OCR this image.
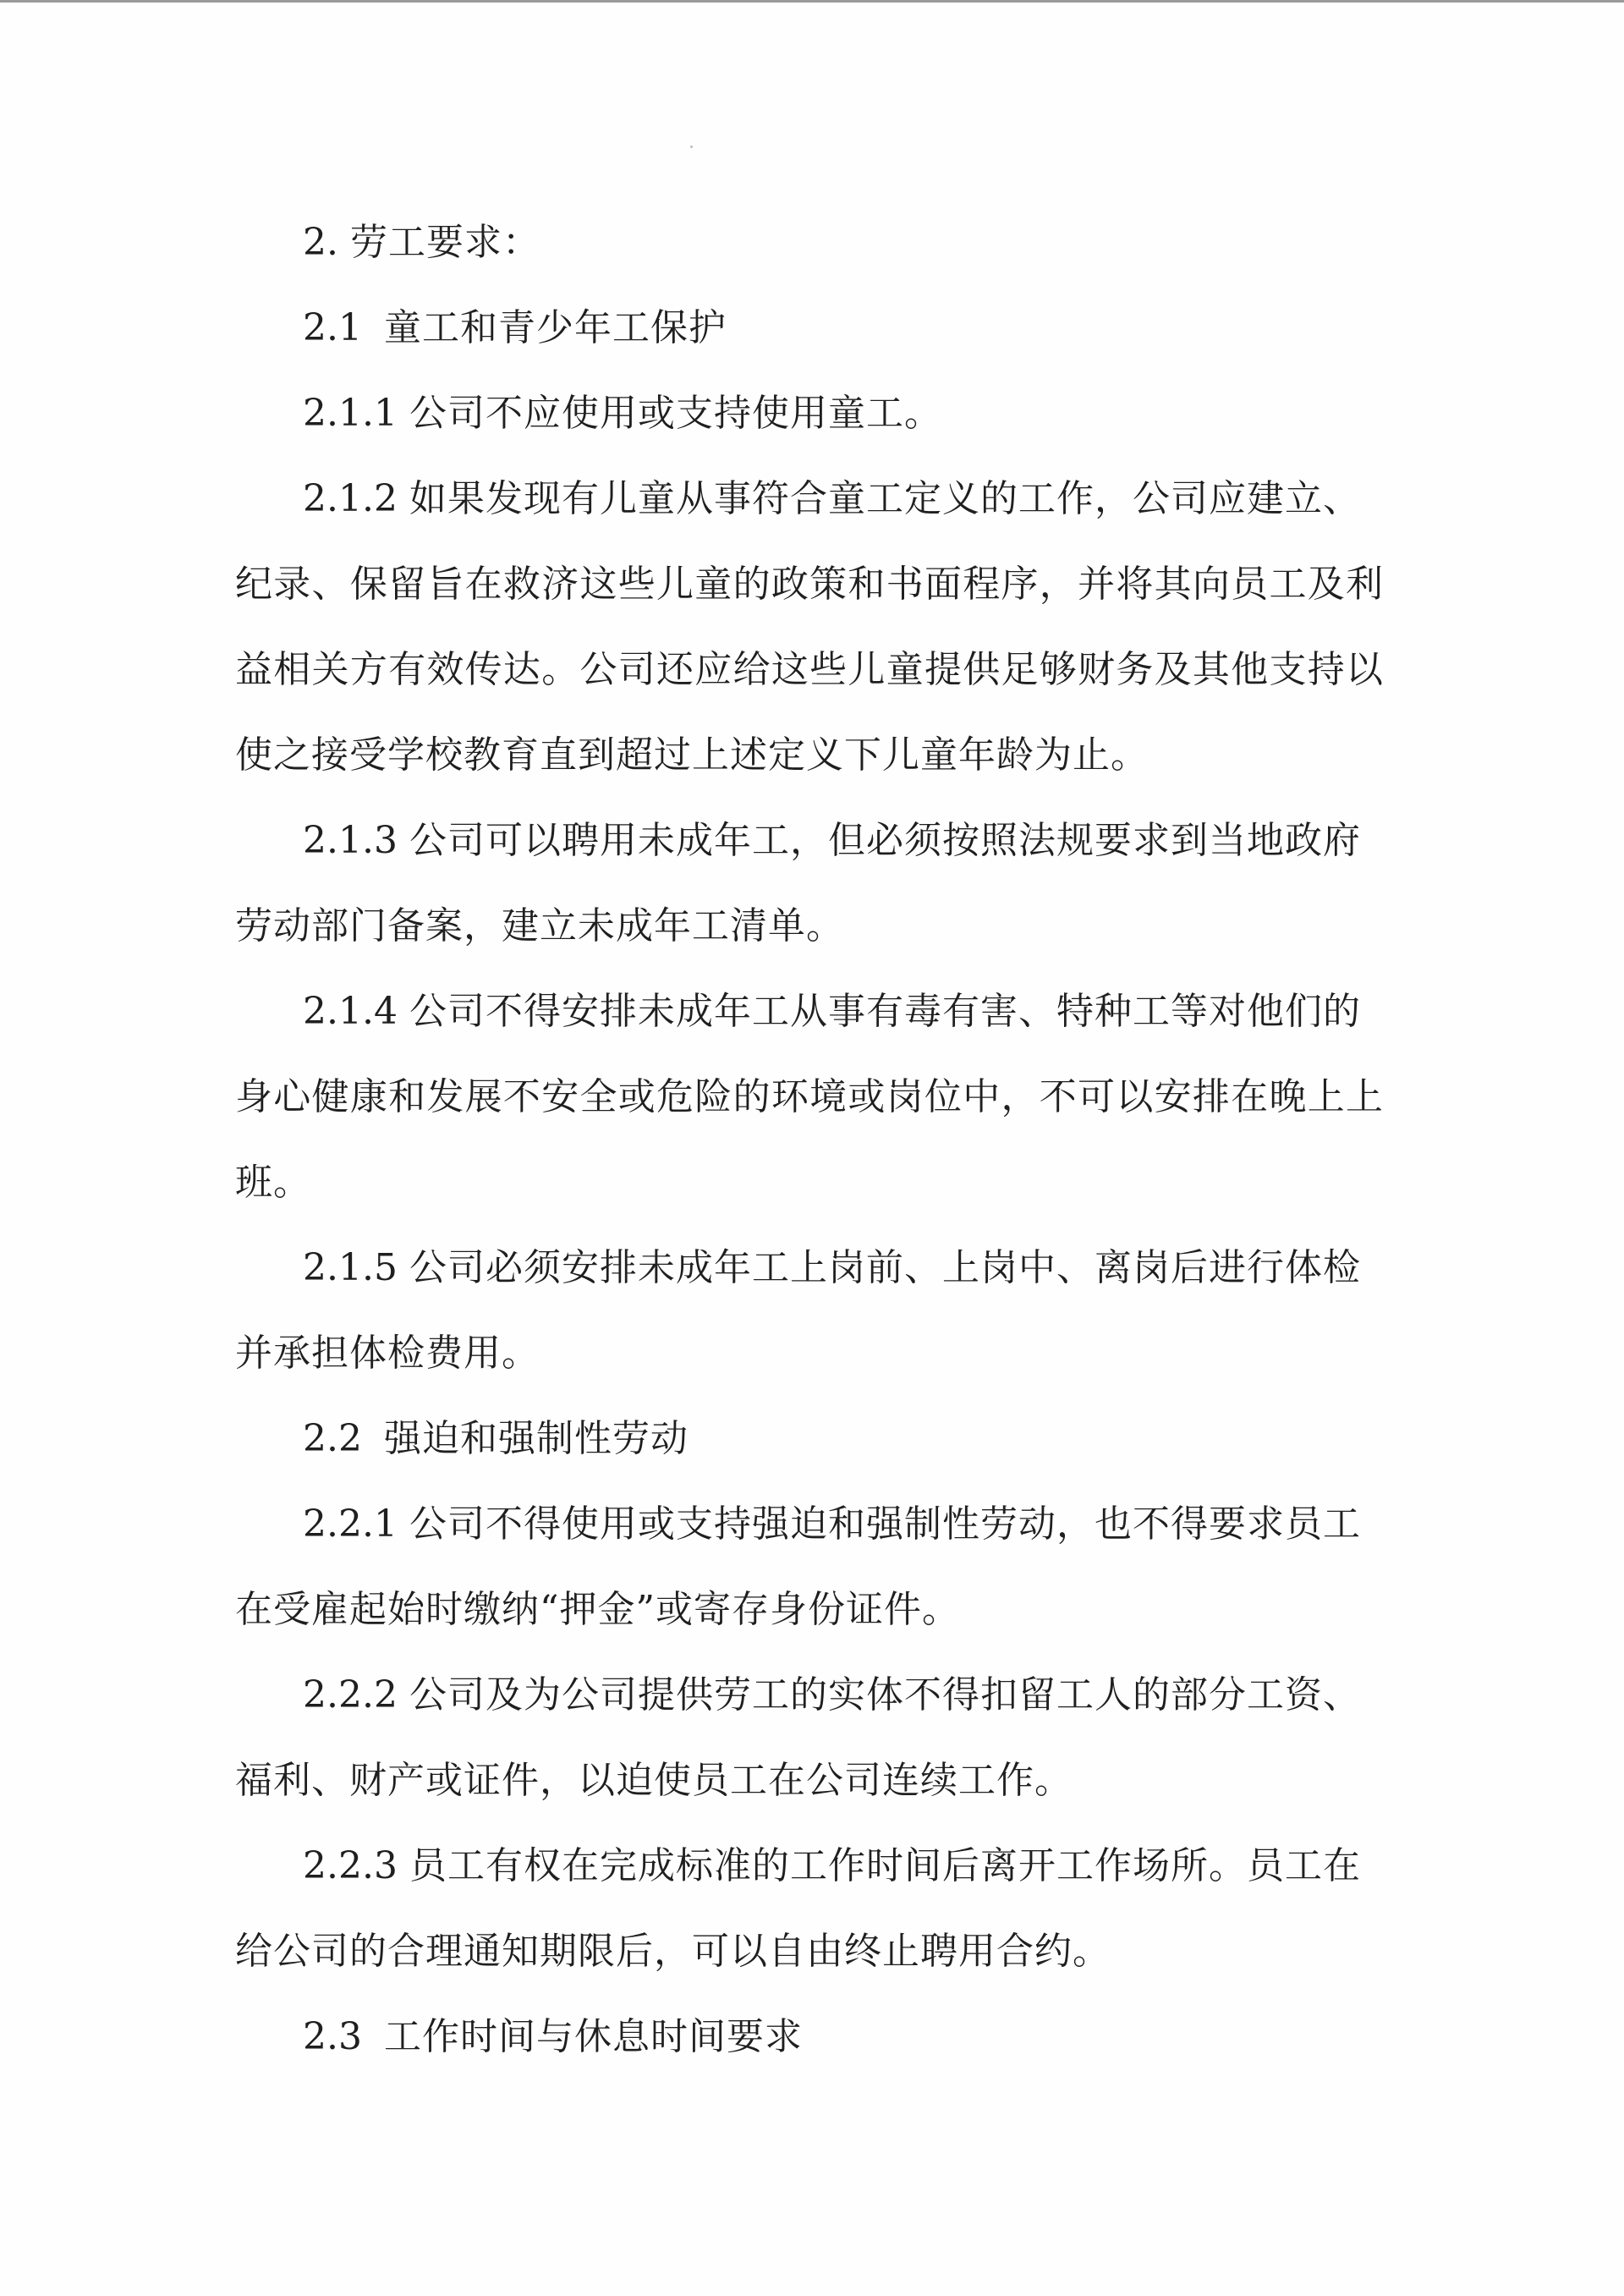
2. 劳工要求：
2.1 童工和青少年工保护
2.1.1 公司不应使用或支持使用童工。
2.1.2 如果发现有儿童从事符合童工定义的工作，公司应建立、
纪录、保留旨在救济这些儿童的政策和书面程序，并将其向员工及利
益相关方有效传达。公司还应给这些儿童提供足够财务及其他支持以
使之接受学校教育直到超过上述定义下儿童年龄为止。
2.1.3 公司可以聘用未成年工，但必须按照法规要求到当地政府
劳动部门备案，建立未成年工清单。
2.1.4 公司不得安排未成年工从事有毒有害、特种工等对他们的
身心健康和发展不安全或危险的环境或岗位中，不可以安排在晚上上
班。
2.1.5 公司必须安排未成年工上岗前、上岗中、离岗后进行体检
并承担体检费用。
2.2 强迫和强制性劳动
2.2.1 公司不得使用或支持强迫和强制性劳动，也不得要求员工
在受雇起始时缴纳“押金”或寄存身份证件。
2.2.2 公司及为公司提供劳工的实体不得扣留工人的部分工资、
福利、财产或证件，以迫使员工在公司连续工作。
2.2.3 员工有权在完成标准的工作时间后离开工作场所。员工在
给公司的合理通知期限后，可以自由终止聘用合约。
2.3 工作时间与休息时间要求
